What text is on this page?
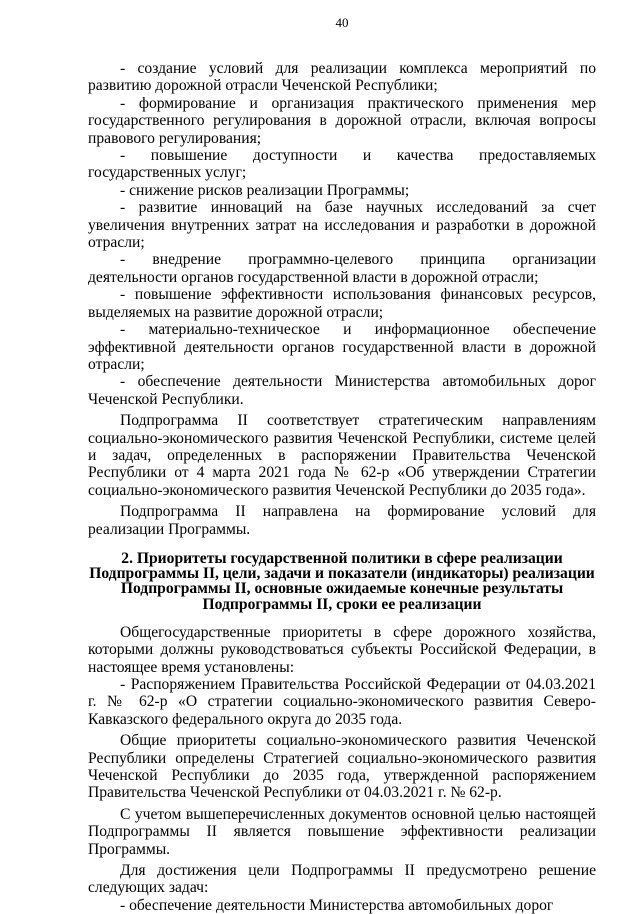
40

- создание условий для реализации комплекса мероприятий по развитию дорожной отрасли Чеченской Республики;

- формирование и организация практического применения мер государственного регулирования в дорожной отрасли, включая вопросы правового регулирования;

- повышение доступности и качества предоставляемых государственных услуг;

- снижение рисков реализации Программы;

- развитие инноваций на базе научных исследований за счет увеличения внутренних затрат на исследования и разработки в дорожной отрасли;

- внедрение программно-целевого принципа организации деятельности органов государственной власти в дорожной отрасли;

- повышение эффективности использования финансовых ресурсов, выделяемых на развитие дорожной отрасли;

- материально-техническое и информационное обеспечение эффективной деятельности органов государственной власти в дорожной отрасли;

- обеспечение деятельности Министерства автомобильных дорог Чеченской Республики.

Подпрограмма II соответствует стратегическим направлениям социально-экономического развития Чеченской Республики, системе целей и задач, определенных в распоряжении Правительства Чеченской Республики от 4 марта 2021 года № 62-р «Об утверждении Стратегии социально-экономического развития Чеченской Республики до 2035 года».

Подпрограмма II направлена на формирование условий для реализации Программы.

2. Приоритеты государственной политики в сфере реализации
Подпрограммы II, цели, задачи и показатели (индикаторы) реализации
Подпрограммы II, основные ожидаемые конечные результаты
Подпрограммы II, сроки ее реализации

Общегосударственные приоритеты в сфере дорожного хозяйства, которыми должны руководствоваться субъекты Российской Федерации, в настоящее время установлены:

- Распоряжением Правительства Российской Федерации от 04.03.2021 г. № 62-р «О стратегии социально-экономического развития Северо-Кавказского федерального округа до 2035 года.

Общие приоритеты социально-экономического развития Чеченской Республики определены Стратегией социально-экономического развития Чеченской Республики до 2035 года, утвержденной распоряжением Правительства Чеченской Республики от 04.03.2021 г. № 62-р.

С учетом вышеперечисленных документов основной целью настоящей Подпрограммы II является повышение эффективности реализации Программы.

Для достижения цели Подпрограммы II предусмотрено решение следующих задач:

- обеспечение деятельности Министерства автомобильных дорог
